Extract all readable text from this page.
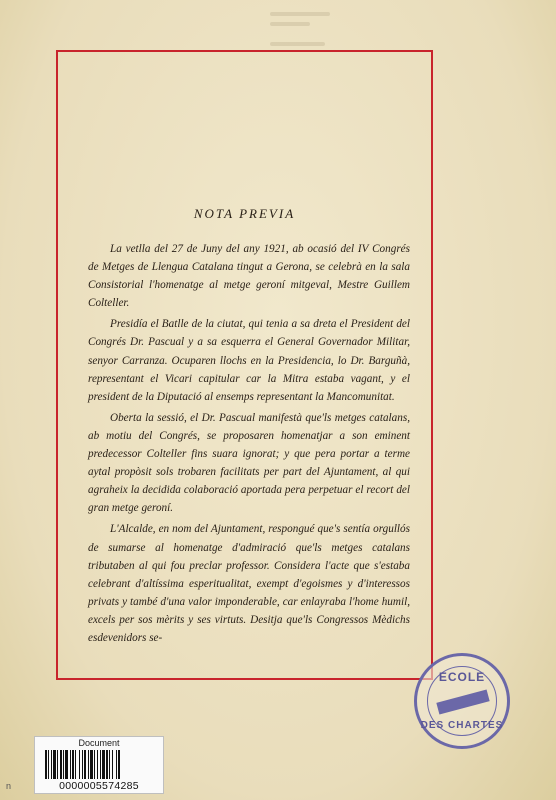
NOTA PREVIA

La vetlla del 27 de Juny del any 1921, ab ocasió del IV Congrés de Metges de Llengua Catalana tingut a Gerona, se celebrà en la sala Consistorial l'homenatge al metge geroní mitgeval, Mestre Guillem Colteller.

Presidía el Batlle de la ciutat, qui tenia a sa dreta el President del Congrés Dr. Pascual y a sa esquerra el General Governador Militar, senyor Carranza. Ocuparen llochs en la Presidencia, lo Dr. Barguñà, representant el Vicari capitular car la Mitra estaba vagant, y el president de la Diputació al ensemps representant la Mancomunitat.

Oberta la sessió, el Dr. Pascual manifestà que'ls metges catalans, ab motiu del Congrés, se proposaren homenatjar a son eminent predecessor Colteller fins suara ignorat; y que pera portar a terme aytal propòsit sols trobaren facilitats per part del Ajuntament, al qui agraheix la decidida colaboració aportada pera perpetuar el recort del gran metge geroní.

L'Alcalde, en nom del Ajuntament, respongué que's sentía orgullós de sumarse al homenatge d'admiració que'ls metges catalans tributaben al qui fou preclar professor. Considera l'acte que s'estaba celebrant d'altíssima esperitualitat, exempt d'egoismes y d'interessos privats y també d'una valor imponderable, car enlayraba l'home humil, excels per sos mèrits y ses virtuts. Desitja que'ls Congressos Mèdichs esdevenidors se-

ECOLE
DES CHARTES
Document
0000005574285
n
